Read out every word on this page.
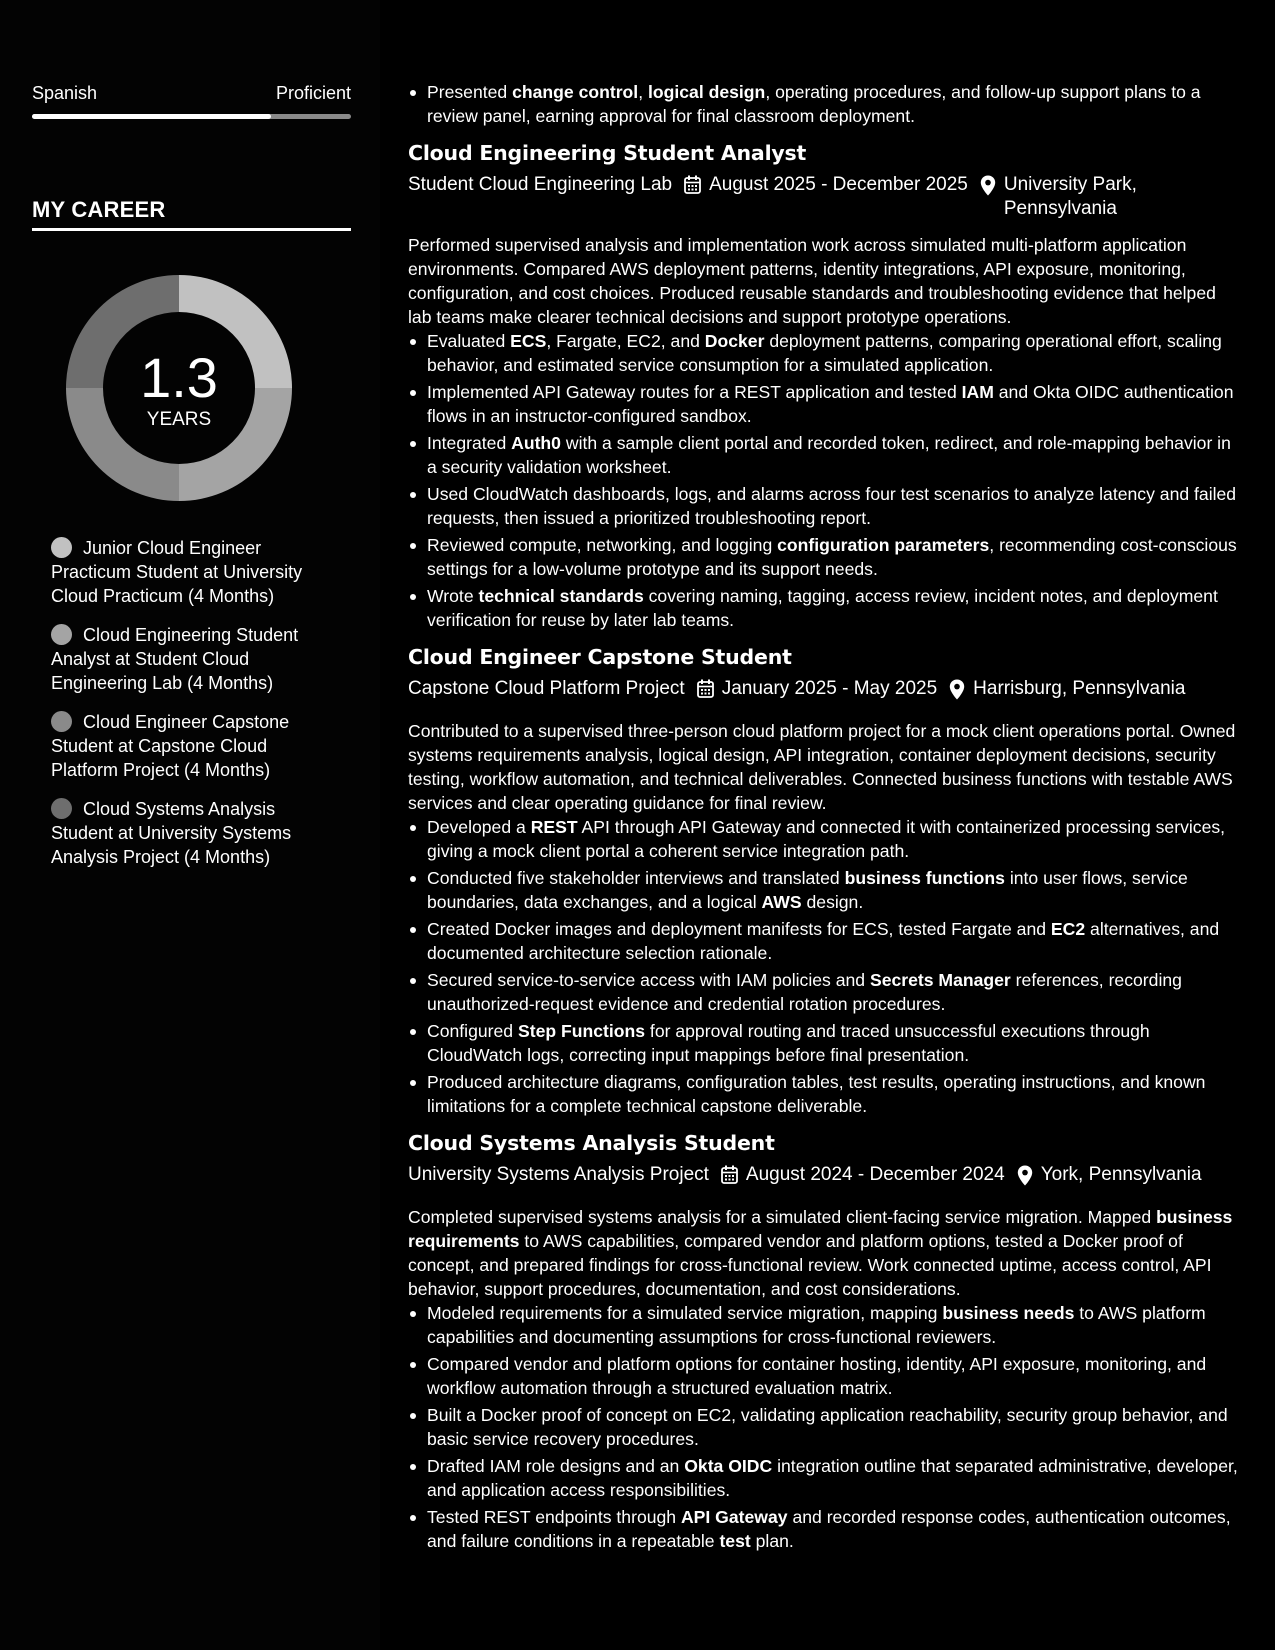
Spanish	Proficient
MY CAREER
1.3
YEARS
Junior Cloud Engineer Practicum Student at University Cloud Practicum (4 Months)
Cloud Engineering Student Analyst at Student Cloud Engineering Lab (4 Months)
Cloud Engineer Capstone Student at Capstone Cloud Platform Project (4 Months)
Cloud Systems Analysis Student at University Systems Analysis Project (4 Months)
Presented change control, logical design, operating procedures, and follow-up support plans to a review panel, earning approval for final classroom deployment.
Cloud Engineering Student Analyst
Student Cloud Engineering Lab August 2025 - December 2025 University Park, Pennsylvania
Performed supervised analysis and implementation work across simulated multi-platform application environments. Compared AWS deployment patterns, identity integrations, API exposure, monitoring, configuration, and cost choices. Produced reusable standards and troubleshooting evidence that helped lab teams make clearer technical decisions and support prototype operations.
Evaluated ECS, Fargate, EC2, and Docker deployment patterns, comparing operational effort, scaling behavior, and estimated service consumption for a simulated application.
Implemented API Gateway routes for a REST application and tested IAM and Okta OIDC authentication flows in an instructor-configured sandbox.
Integrated Auth0 with a sample client portal and recorded token, redirect, and role-mapping behavior in a security validation worksheet.
Used CloudWatch dashboards, logs, and alarms across four test scenarios to analyze latency and failed requests, then issued a prioritized troubleshooting report.
Reviewed compute, networking, and logging configuration parameters, recommending cost-conscious settings for a low-volume prototype and its support needs.
Wrote technical standards covering naming, tagging, access review, incident notes, and deployment verification for reuse by later lab teams.
Cloud Engineer Capstone Student
Capstone Cloud Platform Project January 2025 - May 2025 Harrisburg, Pennsylvania
Contributed to a supervised three-person cloud platform project for a mock client operations portal. Owned systems requirements analysis, logical design, API integration, container deployment decisions, security testing, workflow automation, and technical deliverables. Connected business functions with testable AWS services and clear operating guidance for final review.
Developed a REST API through API Gateway and connected it with containerized processing services, giving a mock client portal a coherent service integration path.
Conducted five stakeholder interviews and translated business functions into user flows, service boundaries, data exchanges, and a logical AWS design.
Created Docker images and deployment manifests for ECS, tested Fargate and EC2 alternatives, and documented architecture selection rationale.
Secured service-to-service access with IAM policies and Secrets Manager references, recording unauthorized-request evidence and credential rotation procedures.
Configured Step Functions for approval routing and traced unsuccessful executions through CloudWatch logs, correcting input mappings before final presentation.
Produced architecture diagrams, configuration tables, test results, operating instructions, and known limitations for a complete technical capstone deliverable.
Cloud Systems Analysis Student
University Systems Analysis Project August 2024 - December 2024 York, Pennsylvania
Completed supervised systems analysis for a simulated client-facing service migration. Mapped business requirements to AWS capabilities, compared vendor and platform options, tested a Docker proof of concept, and prepared findings for cross-functional review. Work connected uptime, access control, API behavior, support procedures, documentation, and cost considerations.
Modeled requirements for a simulated service migration, mapping business needs to AWS platform capabilities and documenting assumptions for cross-functional reviewers.
Compared vendor and platform options for container hosting, identity, API exposure, monitoring, and workflow automation through a structured evaluation matrix.
Built a Docker proof of concept on EC2, validating application reachability, security group behavior, and basic service recovery procedures.
Drafted IAM role designs and an Okta OIDC integration outline that separated administrative, developer, and application access responsibilities.
Tested REST endpoints through API Gateway and recorded response codes, authentication outcomes, and failure conditions in a repeatable test plan.
